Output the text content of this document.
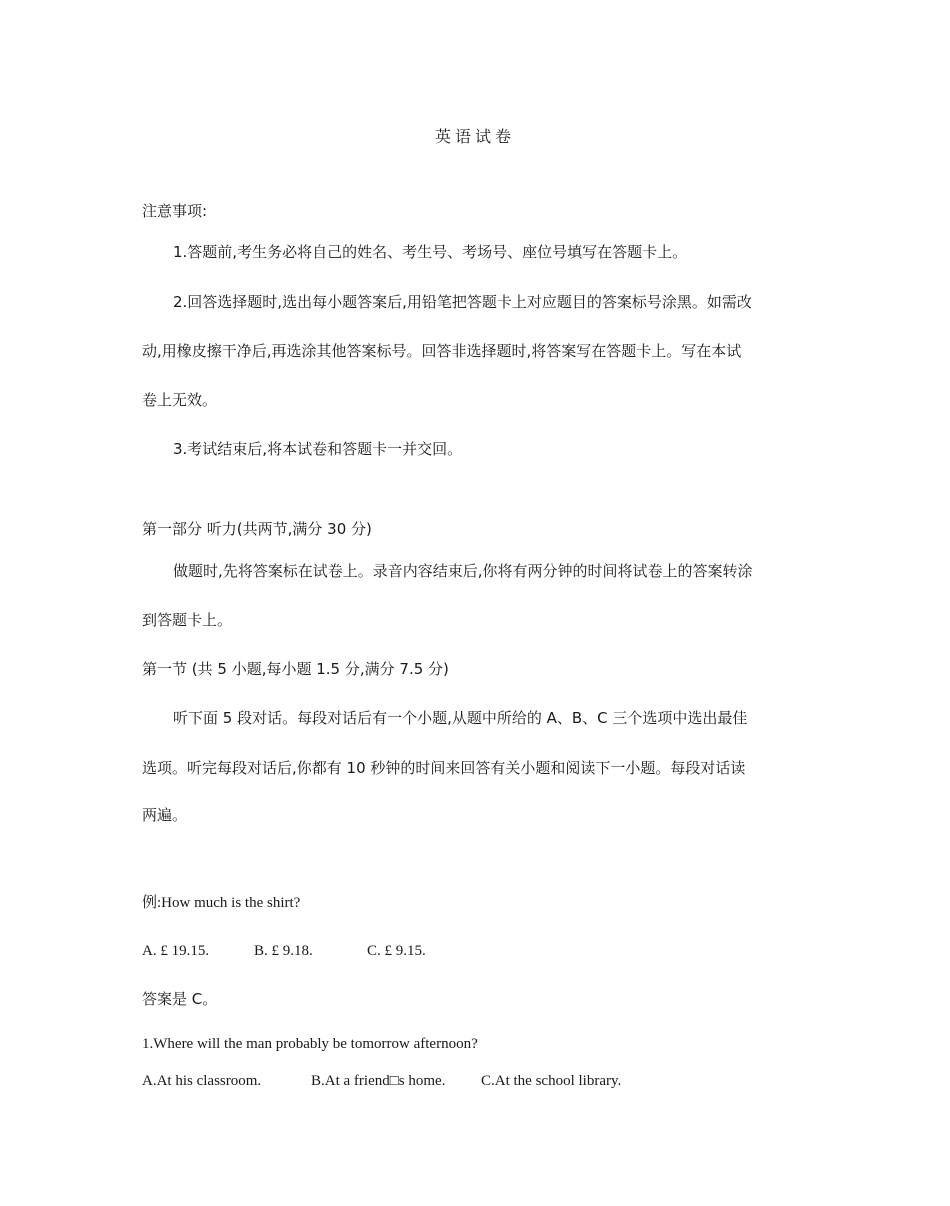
英语试卷
注意事项:
1.答题前,考生务必将自己的姓名、考生号、考场号、座位号填写在答题卡上。
2.回答选择题时,选出每小题答案后,用铅笔把答题卡上对应题目的答案标号涂黑。如需改
动,用橡皮擦干净后,再选涂其他答案标号。回答非选择题时,将答案写在答题卡上。写在本试
卷上无效。
3.考试结束后,将本试卷和答题卡一并交回。
第一部分 听力(共两节,满分 30 分)
做题时,先将答案标在试卷上。录音内容结束后,你将有两分钟的时间将试卷上的答案转涂
到答题卡上。
第一节 (共 5 小题,每小题 1.5 分,满分 7.5 分)
听下面 5 段对话。每段对话后有一个小题,从题中所给的 A、B、C 三个选项中选出最佳
选项。听完每段对话后,你都有 10 秒钟的时间来回答有关小题和阅读下一小题。每段对话读
两遍。
例:How much is the shirt?
A. £ 19.15.	B. £ 9.18.	C. £ 9.15.
答案是 C。
1.Where will the man probably be tomorrow afternoon?
A.At his classroom.	B.At a friend□s home. C.At the school library.
